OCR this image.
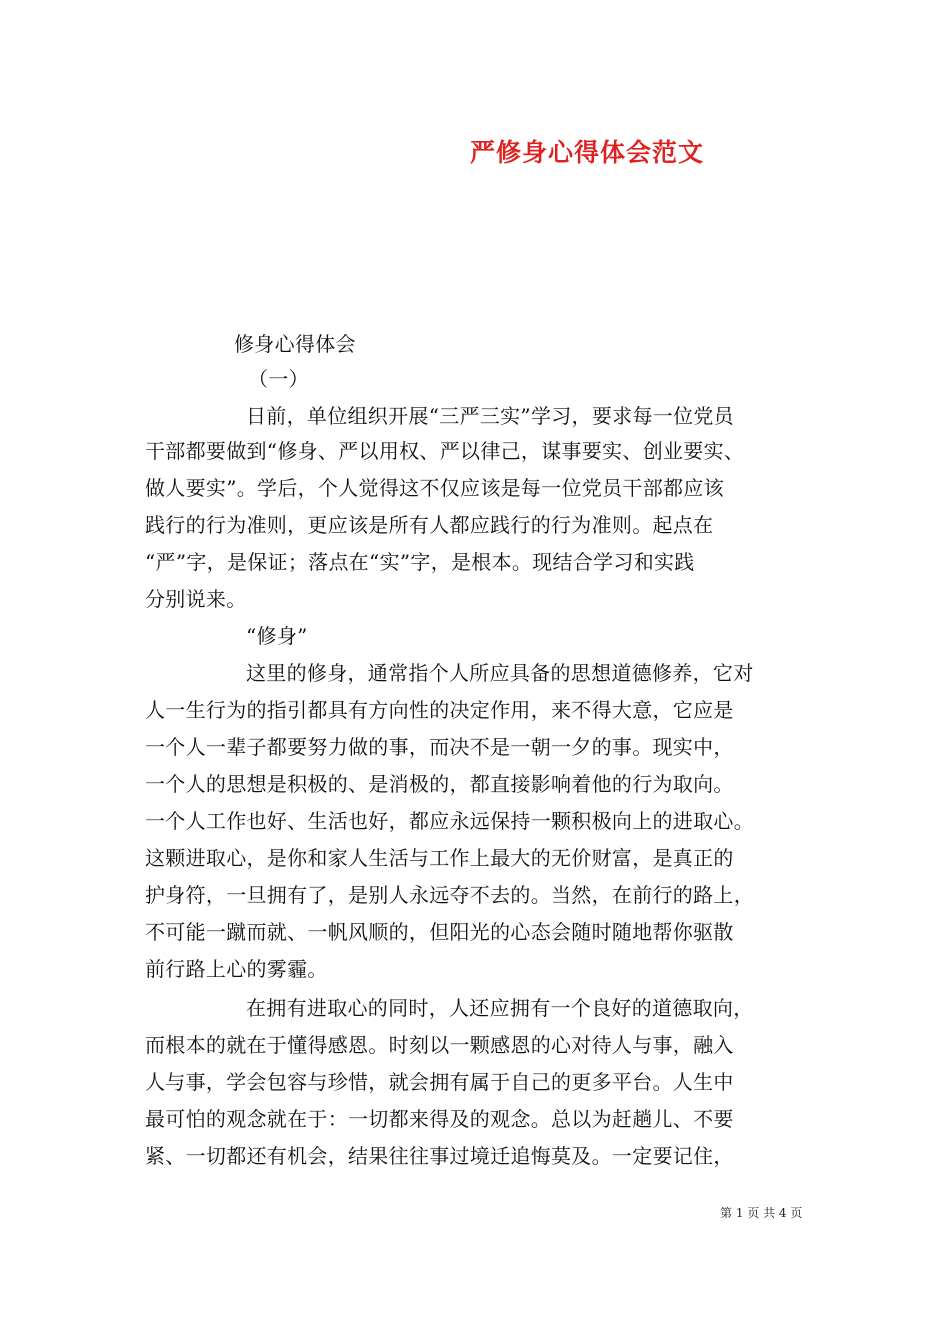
严修身心得体会范文
修身心得体会
（一）
日前，单位组织开展“三严三实”学习，要求每一位党员
干部都要做到“修身、严以用权、严以律己，谋事要实、创业要实、
做人要实”。学后，个人觉得这不仅应该是每一位党员干部都应该
践行的行为准则，更应该是所有人都应践行的行为准则。起点在
“严”字，是保证；落点在“实”字，是根本。现结合学习和实践
分别说来。
“修身”
这里的修身，通常指个人所应具备的思想道德修养，它对
人一生行为的指引都具有方向性的决定作用，来不得大意，它应是
一个人一辈子都要努力做的事，而决不是一朝一夕的事。现实中，
一个人的思想是积极的、是消极的，都直接影响着他的行为取向。
一个人工作也好、生活也好，都应永远保持一颗积极向上的进取心。
这颗进取心，是你和家人生活与工作上最大的无价财富，是真正的
护身符，一旦拥有了，是别人永远夺不去的。当然，在前行的路上，
不可能一蹴而就、一帆风顺的，但阳光的心态会随时随地帮你驱散
前行路上心的雾霾。
在拥有进取心的同时，人还应拥有一个良好的道德取向，
而根本的就在于懂得感恩。时刻以一颗感恩的心对待人与事，融入
人与事，学会包容与珍惜，就会拥有属于自己的更多平台。人生中
最可怕的观念就在于：一切都来得及的观念。总以为赶趟儿、不要
紧、一切都还有机会，结果往往事过境迁追悔莫及。一定要记住，
第 1 页 共 4 页
